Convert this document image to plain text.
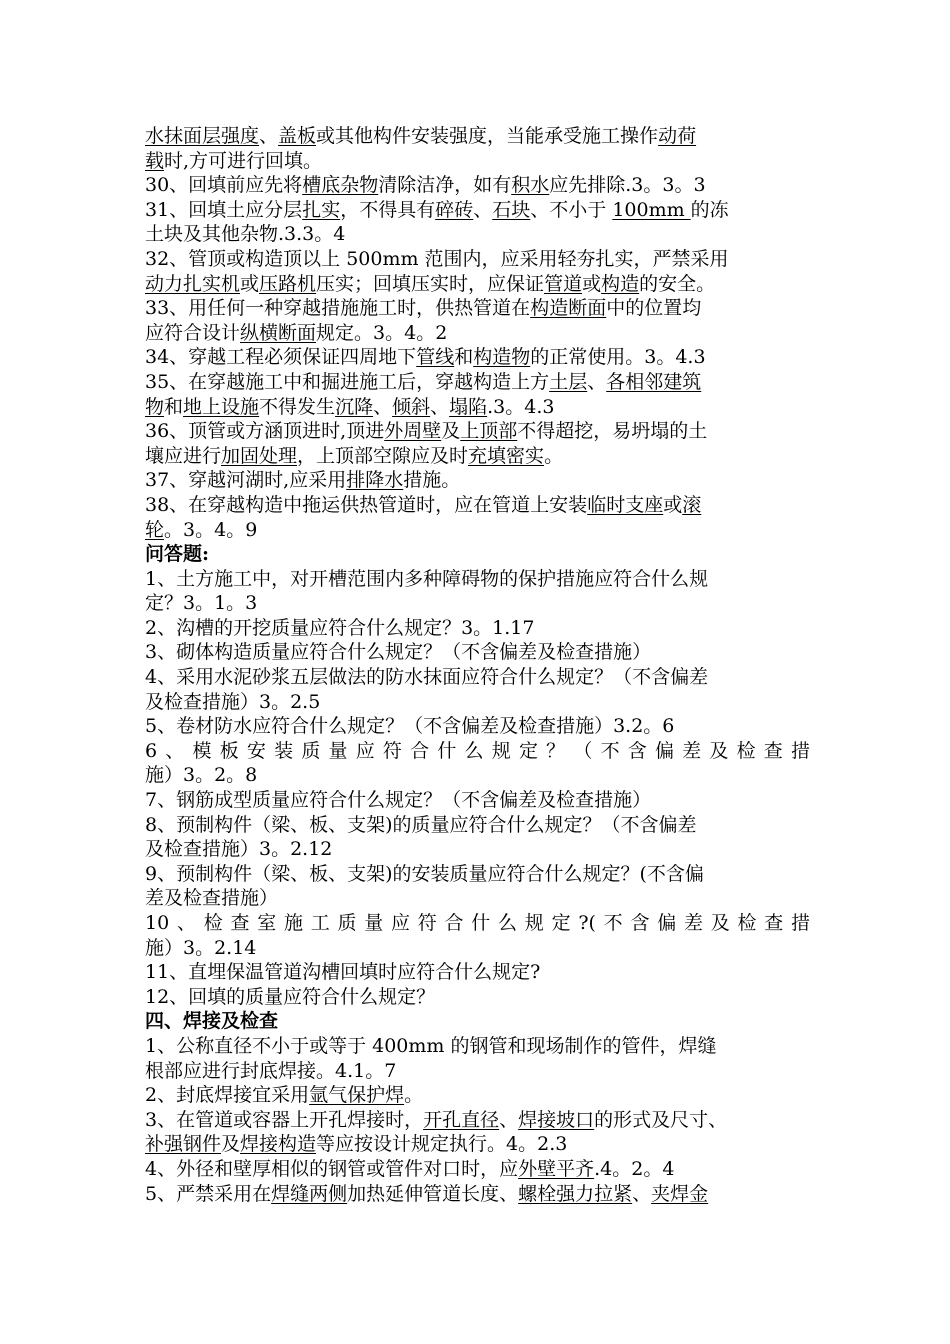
水抹面层强度、盖板或其他构件安装强度，当能承受施工操作动荷
载时,方可进行回填。
30、回填前应先将槽底杂物清除洁净，如有积水应先排除.3。3。3
31、回填土应分层扎实，不得具有碎砖、石块、不小于 100mm 的冻
土块及其他杂物.3.3。4
32、管顶或构造顶以上 500mm 范围内，应采用轻夯扎实，严禁采用
动力扎实机或压路机压实；回填压实时，应保证管道或构造的安全。
33、用任何一种穿越措施施工时，供热管道在构造断面中的位置均
应符合设计纵横断面规定。3。4。2
34、穿越工程必须保证四周地下管线和构造物的正常使用。3。4.3
35、在穿越施工中和掘进施工后，穿越构造上方土层、各相邻建筑
物和地上设施不得发生沉降、倾斜、塌陷.3。4.3
36、顶管或方涵顶进时,顶进外周壁及上顶部不得超挖，易坍塌的土
壤应进行加固处理，上顶部空隙应及时充填密实。
37、穿越河湖时,应采用排降水措施。
38、在穿越构造中拖运供热管道时，应在管道上安装临时支座或滚
轮。3。4。9
问答题:
1、土方施工中，对开槽范围内多种障碍物的保护措施应符合什么规
定？3。1。3
2、沟槽的开挖质量应符合什么规定？3。1.17
3、砌体构造质量应符合什么规定？（不含偏差及检查措施）
4、采用水泥砂浆五层做法的防水抹面应符合什么规定？（不含偏差
及检查措施）3。2.5
5、卷材防水应符合什么规定？（不含偏差及检查措施）3.2。6
6、模板安装质量应符合什么规定？（不含偏差及检查措
施）3。2。8
7、钢筋成型质量应符合什么规定？（不含偏差及检查措施）
8、预制构件（梁、板、支架)的质量应符合什么规定？（不含偏差
及检查措施）3。2.12
9、预制构件（梁、板、支架)的安装质量应符合什么规定？(不含偏
差及检查措施）
10、检查室施工质量应符合什么规定?(不含偏差及检查措
施）3。2.14
11、直埋保温管道沟槽回填时应符合什么规定?
12、回填的质量应符合什么规定？
四、焊接及检查
1、公称直径不小于或等于 400mm 的钢管和现场制作的管件，焊缝
根部应进行封底焊接。4.1。7
2、封底焊接宜采用氩气保护焊。
3、在管道或容器上开孔焊接时，开孔直径、焊接坡口的形式及尺寸、
补强钢件及焊接构造等应按设计规定执行。4。2.3
4、外径和壁厚相似的钢管或管件对口时，应外壁平齐.4。2。4
5、严禁采用在焊缝两侧加热延伸管道长度、螺栓强力拉紧、夹焊金
